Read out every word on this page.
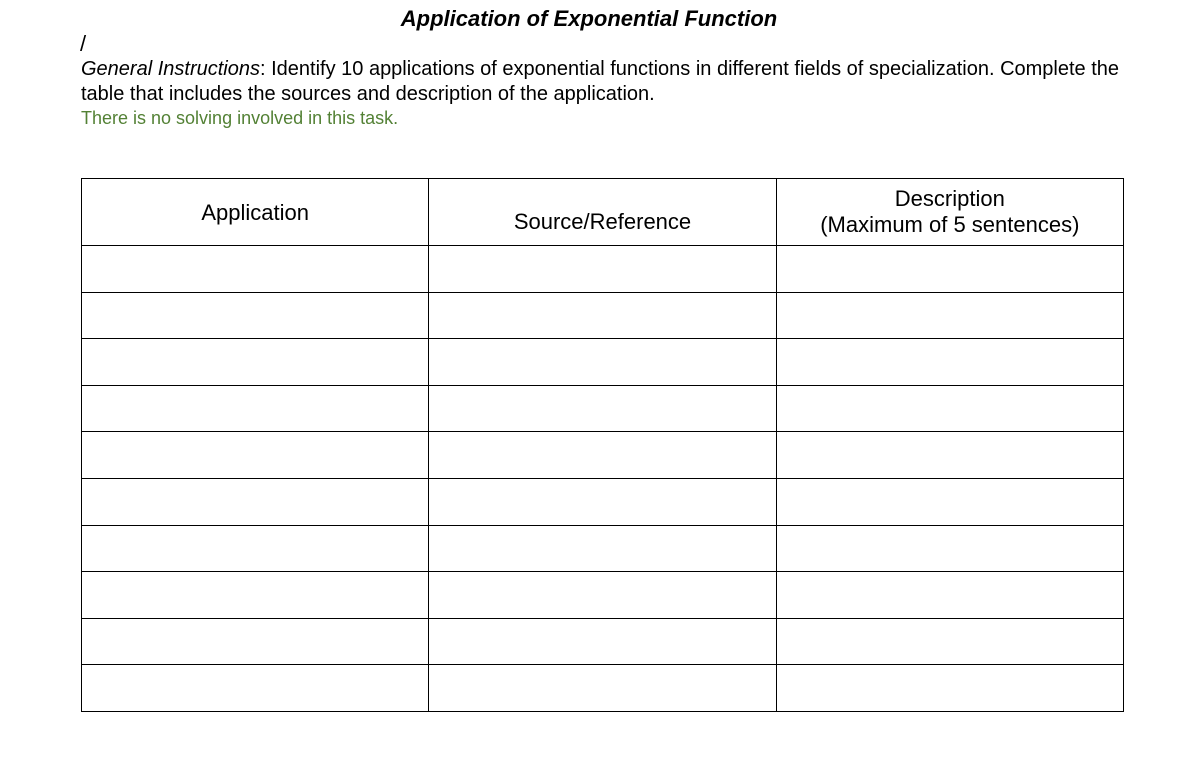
Application of Exponential Function
/
General Instructions: Identify 10 applications of exponential functions in different fields of specialization. Complete the table that includes the sources and description of the application.
There is no solving involved in this task.
Application	Source/Reference	Description
(Maximum of 5 sentences)
